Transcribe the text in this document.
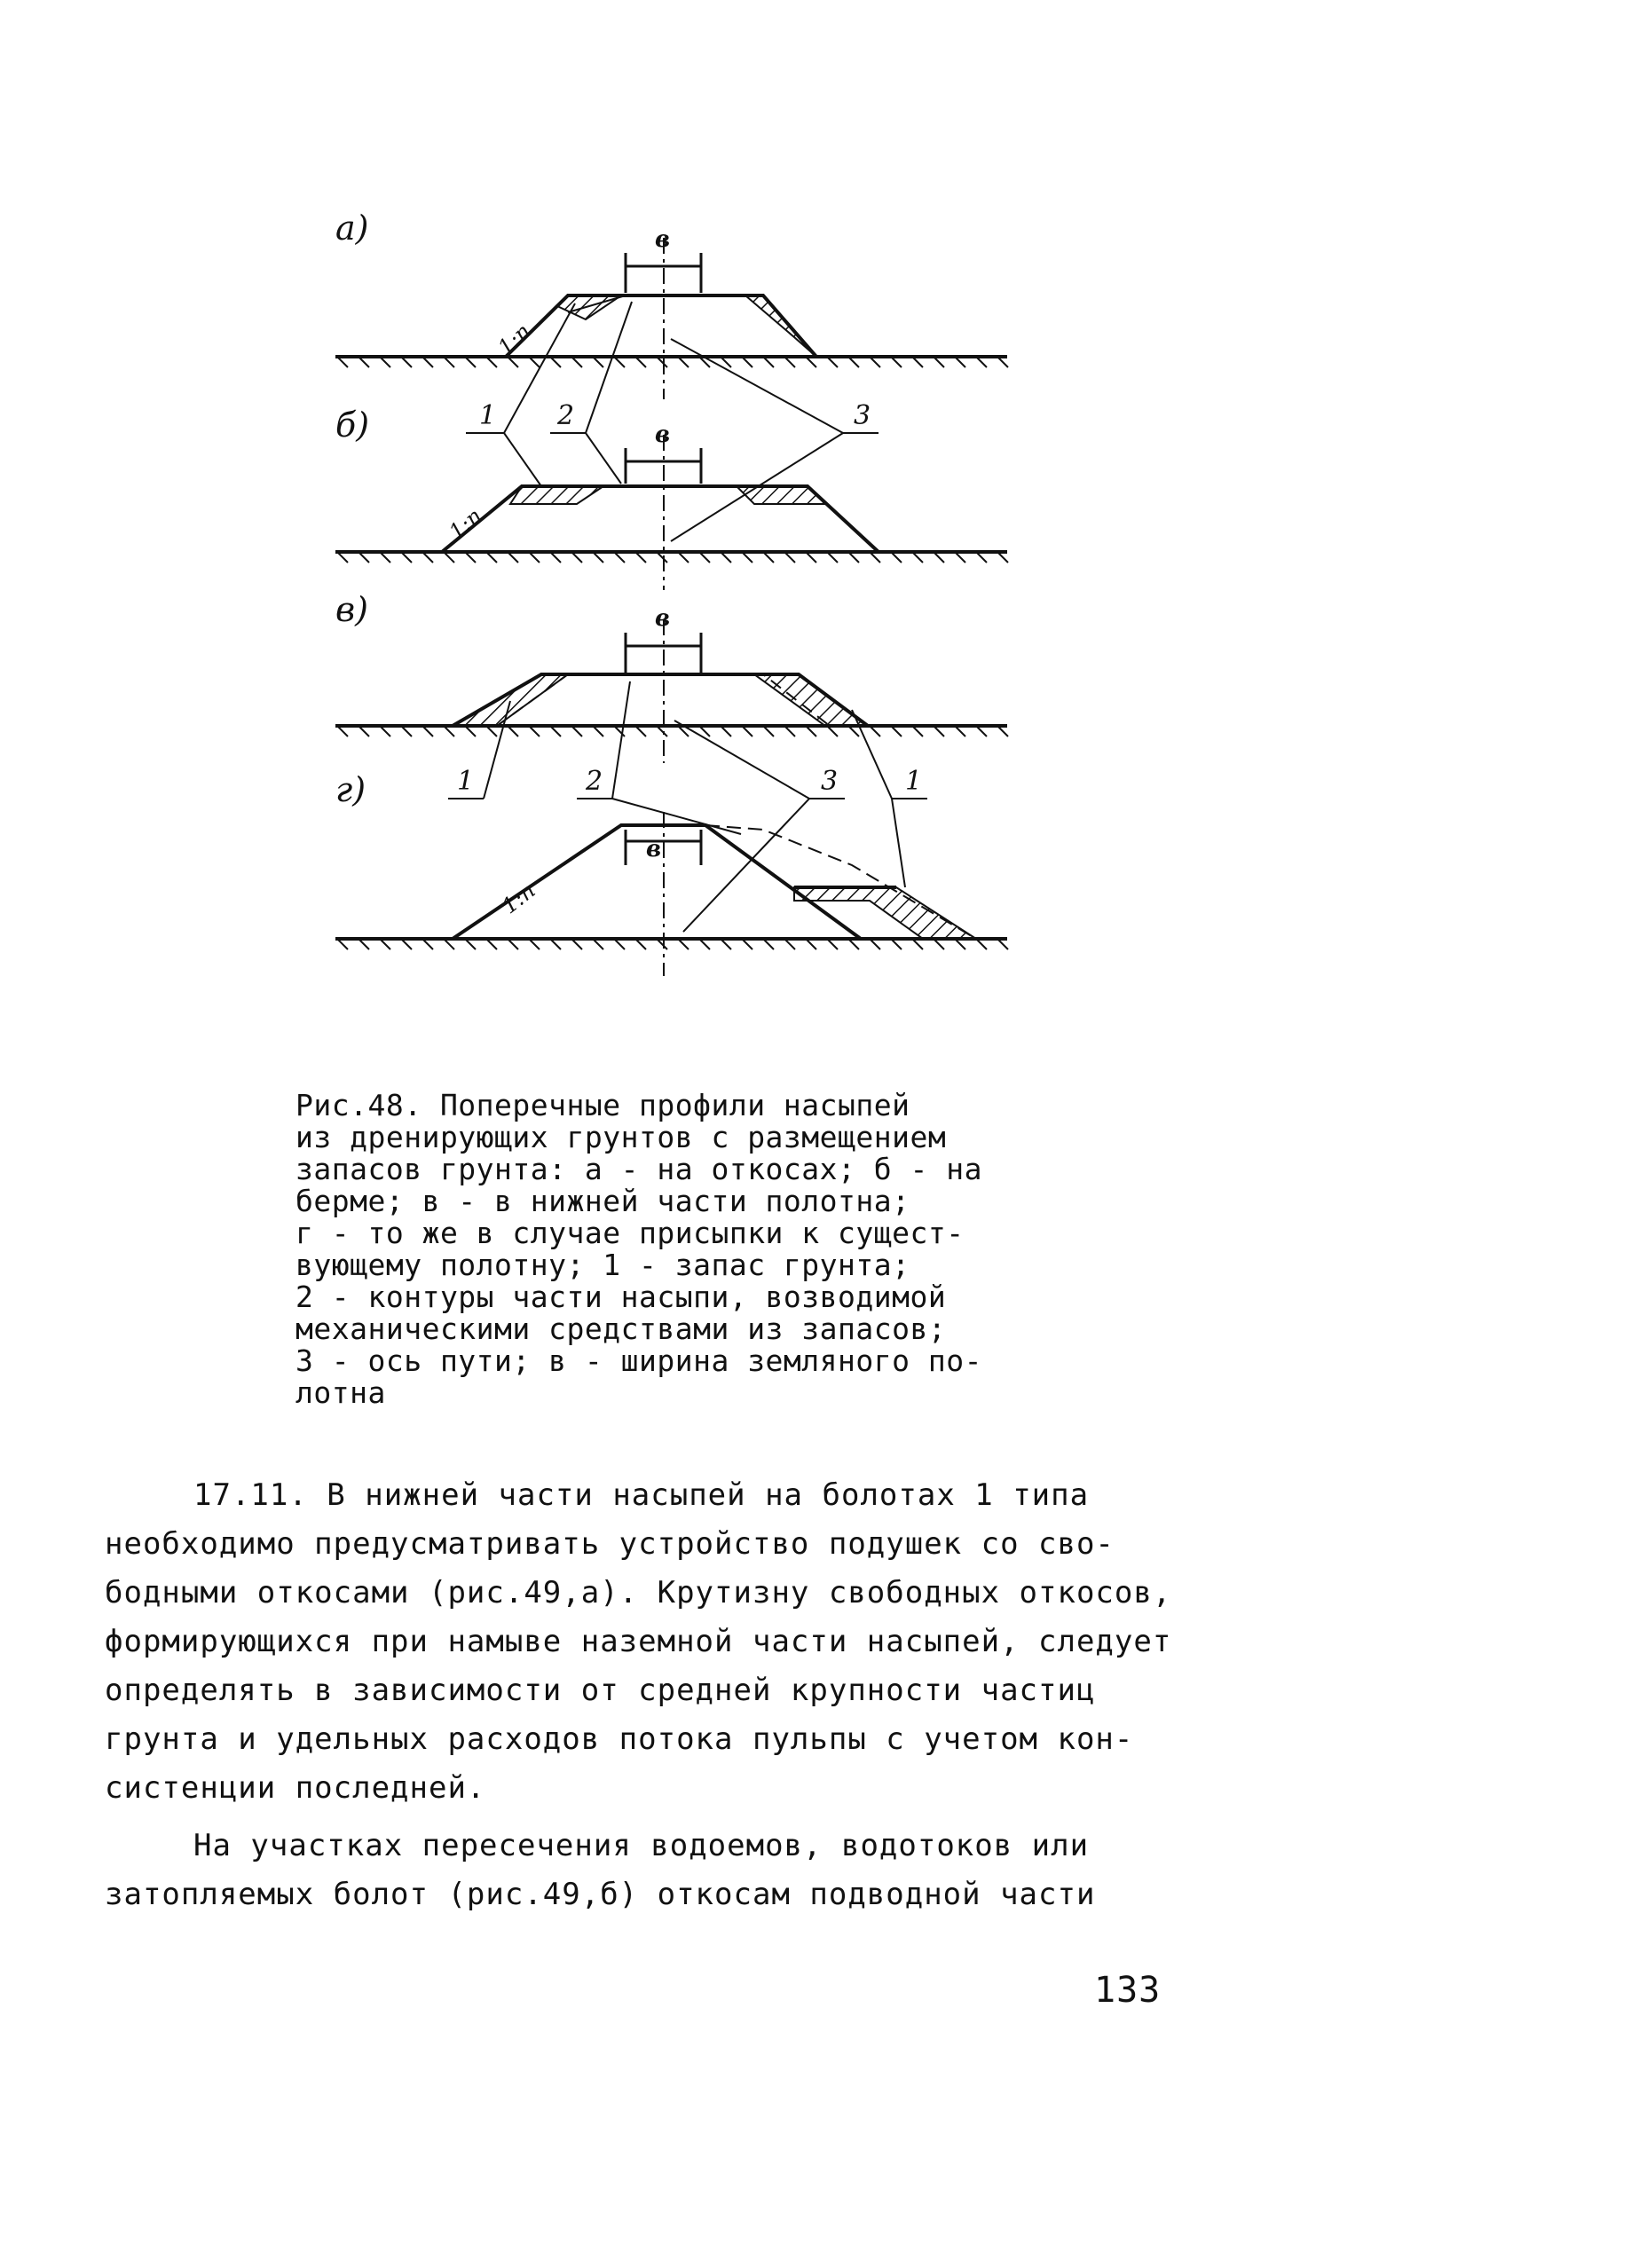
а)	в
1:n
1 2	3
б)	в
1:n
в)	в
1	2	3	1
г)
в
1:n
Рис.48. Поперечные профили насыпей
из дренирующих грунтов с размещением
запасов грунта: а - на откосах; б - на
берме; в - в нижней части полотна;
г - то же в случае присыпки к сущест-
вующему полотну; 1 - запас грунта;
2 - контуры части насыпи, возводимой
механическими средствами из запасов;
3 - ось пути; в - ширина земляного по-
лотна

17.11. В нижней части насыпей на болотах 1 типа

необходимо предусматривать устройство подушек со сво-

бодными откосами (рис.49,а). Крутизну свободных откосов,

формирующихся при намыве наземной части насыпей, следует

определять в зависимости от средней крупности частиц

грунта и удельных расходов потока пульпы с учетом кон-

систенции последней.

На участках пересечения водоемов, водотоков или

затопляемых болот (рис.49,б) откосам подводной части

133
